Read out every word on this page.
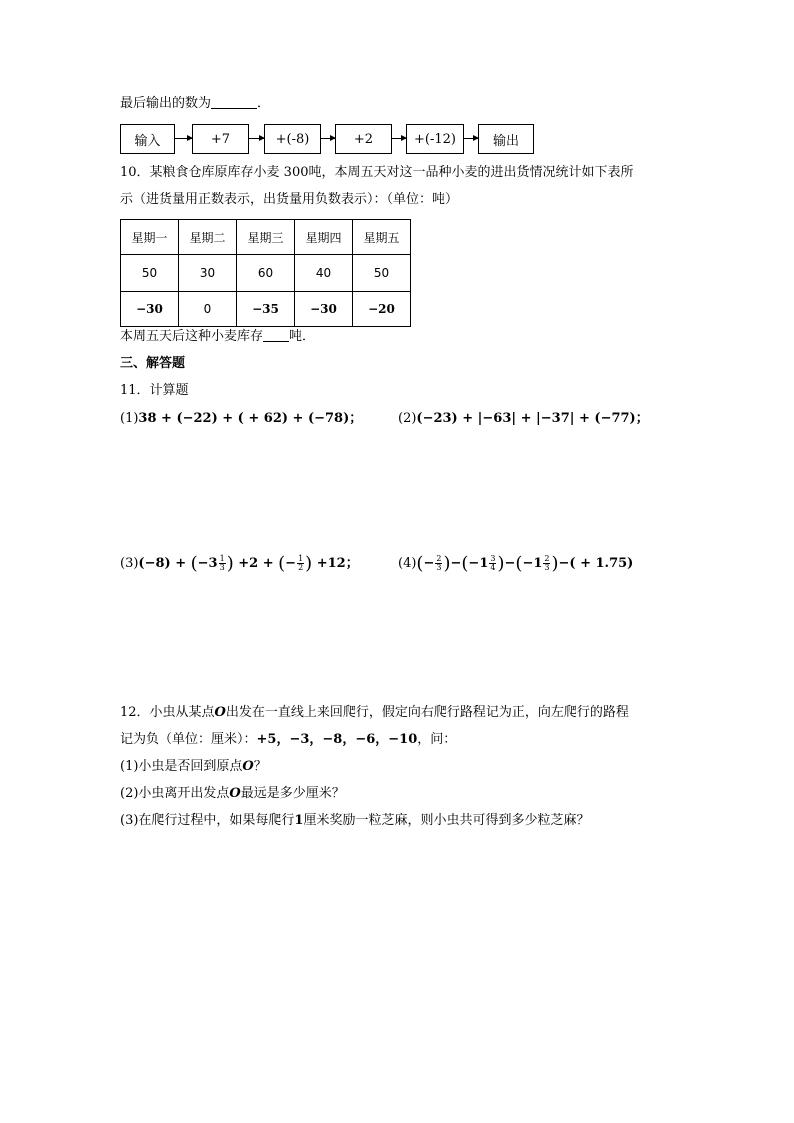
最后输出的数为	．
输入	+7	+(-8)	+2	+(-12)	输出
10．某粮食仓库原库存小麦 300吨，本周五天对这一品种小麦的进出货情况统计如下表所
示（进货量用正数表示，出货量用负数表示）：（单位：吨）
星期一	星期二	星期三	星期四	星期五
50	30	60	40	50
−30	0	−35	−30	−20
本周五天后这种小麦库存 吨．
三、解答题
11．计算题
(1)38 + (−22) + ( + 62) + (−78)；	(2)(−23) + |−63| + |−37| + (−77)；
$(3)(-8) + (-3 \frac{1}{3}$ ) +2 + (− $\frac{1}{2}$ ) +12；	$(4)(- \frac{2}{3} )-(-1 \frac{3}{4} )-(-1 \frac{2}{3}$ )−( + 1.75)
12．小虫从某点O出发在一直线上来回爬行，假定向右爬行路程记为正，向左爬行的路程
记为负（单位：厘米）：+5，−3，−8，−6，−10，问：
(1)小虫是否回到原点O？
(2)小虫离开出发点O最远是多少厘米？
(3)在爬行过程中，如果每爬行1厘米奖励一粒芝麻，则小虫共可得到多少粒芝麻？
